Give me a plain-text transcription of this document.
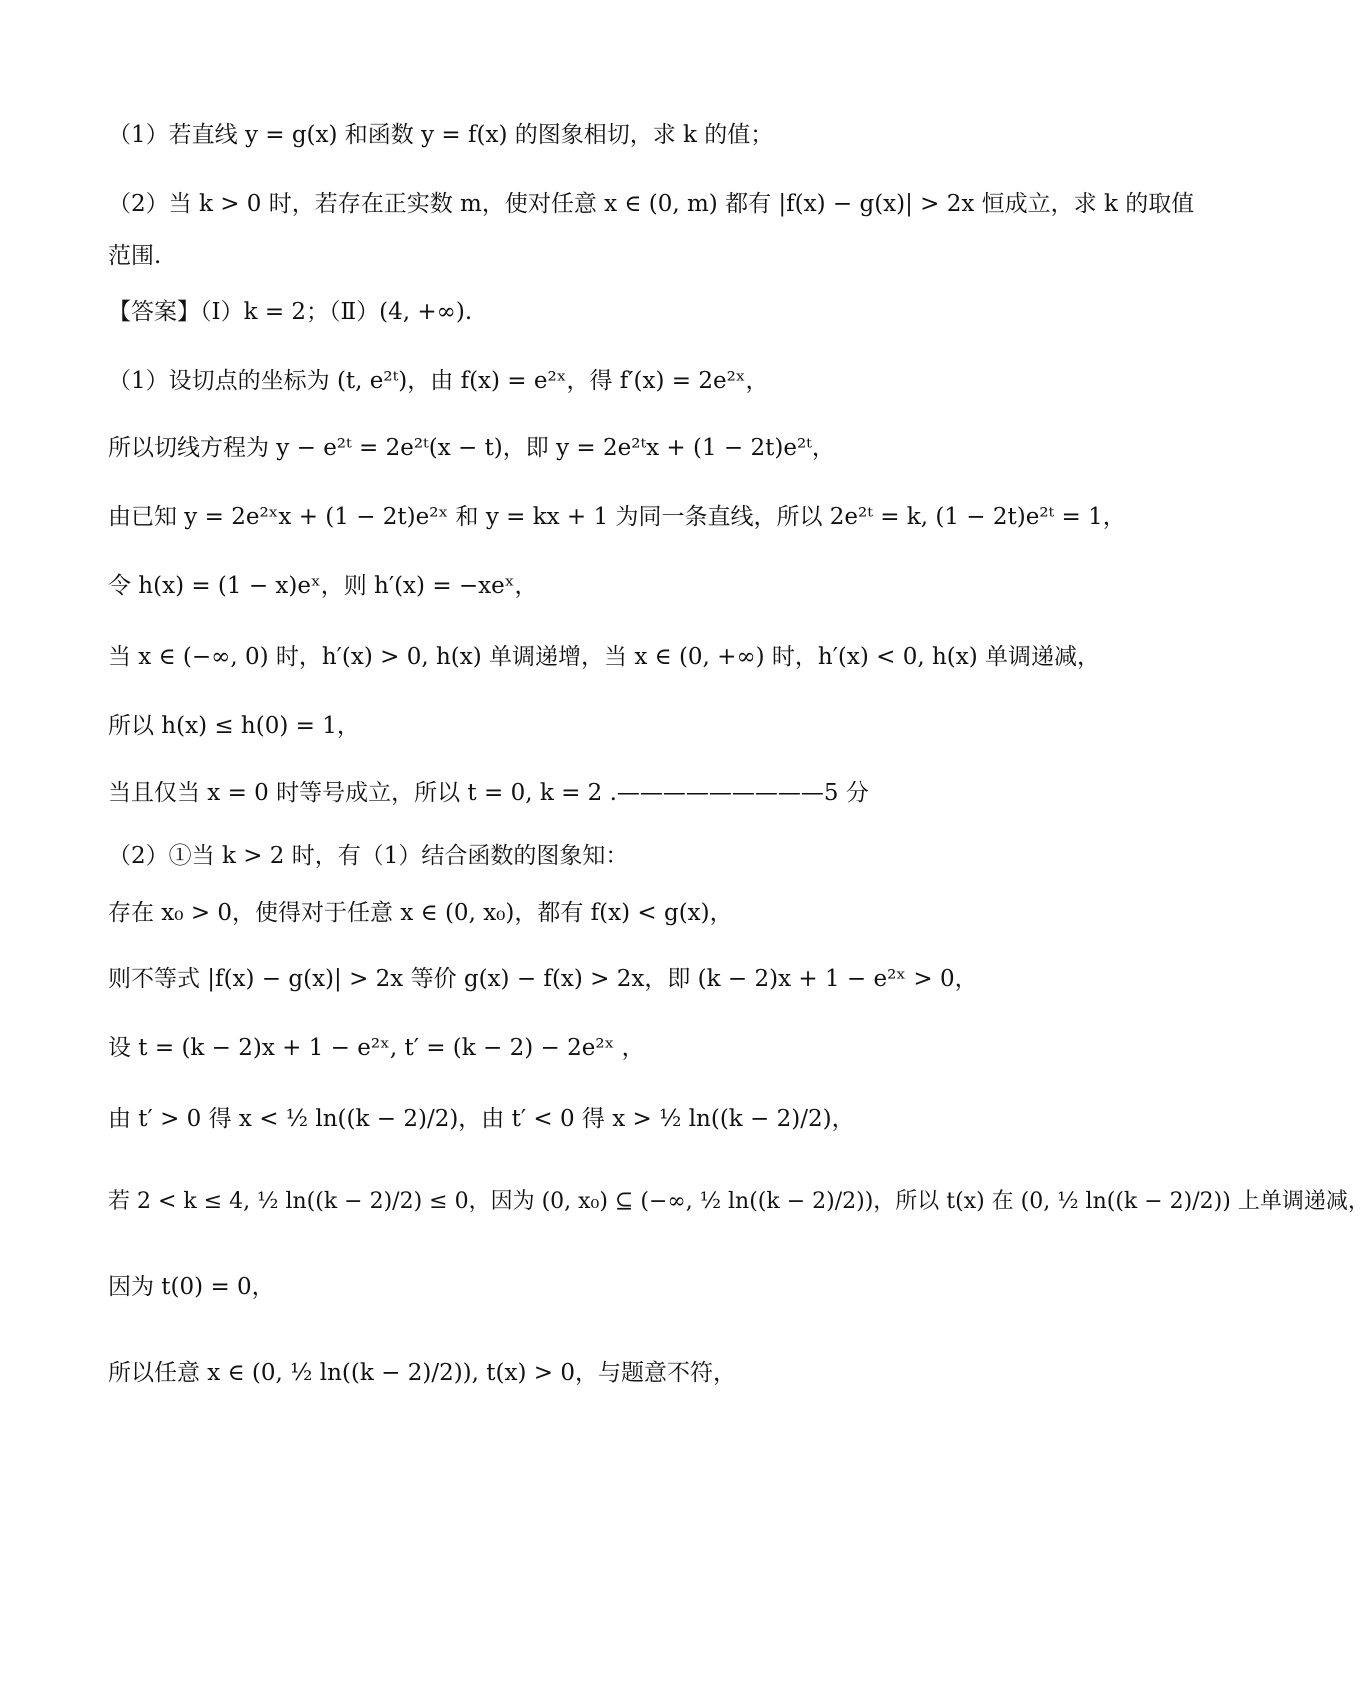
（1）若直线 y = g(x) 和函数 y = f(x) 的图象相切，求 k 的值；
（2）当 k > 0 时，若存在正实数 m，使对任意 x ∈ (0, m) 都有 |f(x) − g(x)| > 2x 恒成立，求 k 的取值
范围.
【答案】（Ⅰ）k = 2；（Ⅱ）(4, +∞).
（1）设切点的坐标为 (t, e²ᵗ)，由 f(x) = e²ˣ，得 f′(x) = 2e²ˣ，
所以切线方程为 y − e²ᵗ = 2e²ᵗ(x − t)，即 y = 2e²ᵗx + (1 − 2t)e²ᵗ，
由已知 y = 2e²ˣx + (1 − 2t)e²ˣ 和 y = kx + 1 为同一条直线，所以 2e²ᵗ = k, (1 − 2t)e²ᵗ = 1，
令 h(x) = (1 − x)eˣ，则 h′(x) = −xeˣ，
当 x ∈ (−∞, 0) 时，h′(x) > 0, h(x) 单调递增，当 x ∈ (0, +∞) 时，h′(x) < 0, h(x) 单调递减，
所以 h(x) ≤ h(0) = 1，
当且仅当 x = 0 时等号成立，所以 t = 0, k = 2 .—————————5 分
（2）①当 k > 2 时，有（1）结合函数的图象知：
存在 x₀ > 0，使得对于任意 x ∈ (0, x₀)，都有 f(x) < g(x)，
则不等式 |f(x) − g(x)| > 2x 等价 g(x) − f(x) > 2x，即 (k − 2)x + 1 − e²ˣ > 0，
设 t = (k − 2)x + 1 − e²ˣ, t′ = (k − 2) − 2e²ˣ ，
由 t′ > 0 得 x < ½ ln((k − 2)/2)，由 t′ < 0 得 x > ½ ln((k − 2)/2)，
若 2 < k ≤ 4, ½ ln((k − 2)/2) ≤ 0，因为 (0, x₀) ⊆ (−∞, ½ ln((k − 2)/2))，所以 t(x) 在 (0, ½ ln((k − 2)/2)) 上单调递减，
因为 t(0) = 0，
所以任意 x ∈ (0, ½ ln((k − 2)/2)), t(x) > 0，与题意不符，
